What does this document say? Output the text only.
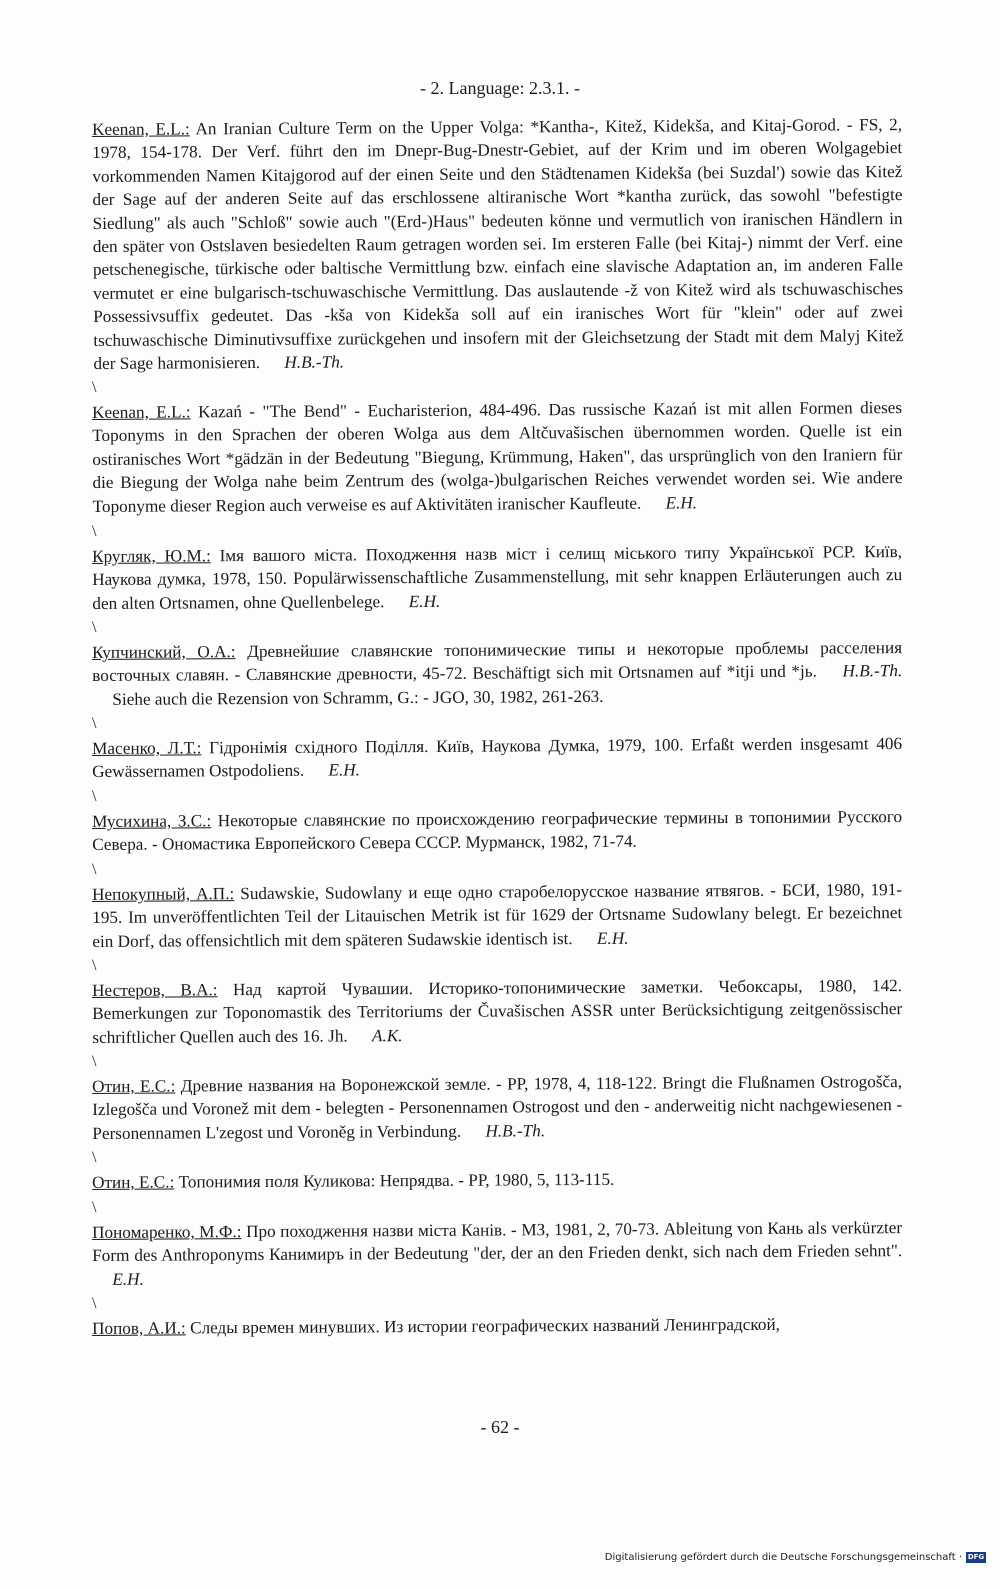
- 2. Language: 2.3.1. -

Keenan, E.L.: An Iranian Culture Term on the Upper Volga: *Kantha-, Kitež, Kidekša, and Kitaj-Gorod. - FS, 2, 1978, 154-178. Der Verf. führt den im Dnepr-Bug-Dnestr-Gebiet, auf der Krim und im oberen Wolgagebiet vorkommenden Namen Kitajgorod auf der einen Seite und den Städtenamen Kidekša (bei Suzdal') sowie das Kitež der Sage auf der anderen Seite auf das erschlossene altiranische Wort *kantha zurück, das sowohl "befestigte Siedlung" als auch "Schloß" sowie auch "(Erd-)Haus" bedeuten könne und vermutlich von iranischen Händlern in den später von Ostslaven besiedelten Raum getragen worden sei. Im ersteren Falle (bei Kitaj-) nimmt der Verf. eine petschenegische, türkische oder baltische Vermittlung bzw. einfach eine slavische Adaptation an, im anderen Falle vermutet er eine bulgarisch-tschuwaschische Vermittlung. Das auslautende -ž von Kitež wird als tschuwaschisches Possessivsuffix gedeutet. Das -kša von Kidekša soll auf ein iranisches Wort für "klein" oder auf zwei tschuwaschische Diminutivsuffixe zurückgehen und insofern mit der Gleichsetzung der Stadt mit dem Malyj Kitež der Sage harmonisieren. H.B.-Th.

\

Keenan, E.L.: Kazań - "The Bend" - Eucharisterion, 484-496. Das russische Kazań ist mit allen Formen dieses Toponyms in den Sprachen der oberen Wolga aus dem Altčuvašischen übernommen worden. Quelle ist ein ostiranisches Wort *gädzän in der Bedeutung "Biegung, Krümmung, Haken", das ursprünglich von den Iraniern für die Biegung der Wolga nahe beim Zentrum des (wolga-)bulgarischen Reiches verwendet worden sei. Wie andere Toponyme dieser Region auch verweise es auf Aktivitäten iranischer Kaufleute. E.H.

\

Кругляк, Ю.М.: Імя вашого міста. Походження назв міст і селищ міського типу Української РСР. Київ, Наукова думка, 1978, 150. Populärwissenschaftliche Zusammenstellung, mit sehr knappen Erläuterungen auch zu den alten Ortsnamen, ohne Quellenbelege. E.H.

\

Купчинский, О.А.: Древнейшие славянские топонимические типы и некоторые проблемы расселения восточных славян. - Славянские древности, 45-72. Beschäftigt sich mit Ortsnamen auf *itji und *jь. H.B.-Th. Siehe auch die Rezension von Schramm, G.: - JGO, 30, 1982, 261-263.

\

Масенко, Л.Т.: Гідронімія східного Поділля. Київ, Наукова Думка, 1979, 100. Erfaßt werden insgesamt 406 Gewässernamen Ostpodoliens. E.H.

\

Мусихина, З.С.: Некоторые славянские по происхождению географические термины в топонимии Русского Севера. - Ономастика Европейского Севера СССР. Мурманск, 1982, 71-74.

\

Непокупный, А.П.: Sudawskie, Sudowlany и еще одно старобелорусское название ятвягов. - БСИ, 1980, 191-195. Im unveröffentlichten Teil der Litauischen Metrik ist für 1629 der Ortsname Sudowlany belegt. Er bezeichnet ein Dorf, das offensichtlich mit dem späteren Sudawskie identisch ist. E.H.

\

Нестеров, В.А.: Над картой Чувашии. Историко-топонимические заметки. Чебоксары, 1980, 142. Bemerkungen zur Toponomastik des Territoriums der Čuvašischen ASSR unter Berücksichtigung zeitgenössischer schriftlicher Quellen auch des 16. Jh. A.K.

\

Отин, Е.С.: Древние названия на Воронежской земле. - РР, 1978, 4, 118-122. Bringt die Flußnamen Ostrogošča, Izlegošča und Voronež mit dem - belegten - Personennamen Ostrogost und den - anderweitig nicht nachgewiesenen - Personennamen L'zegost und Voroněg in Verbindung. H.B.-Th.

\

Отин, Е.С.: Топонимия поля Куликова: Непрядва. - РР, 1980, 5, 113-115.

\

Пономаренко, М.Ф.: Про походження назви міста Канів. - МЗ, 1981, 2, 70-73. Ableitung von Кань als verkürzter Form des Anthroponyms Канимиръ in der Bedeutung "der, der an den Frieden denkt, sich nach dem Frieden sehnt". E.H.

\

Попов, А.И.: Следы времен минувших. Из истории географических названий Ленинградской,

- 62 -
Digitalisierung gefördert durch die Deutsche Forschungsgemeinschaft · DFG
